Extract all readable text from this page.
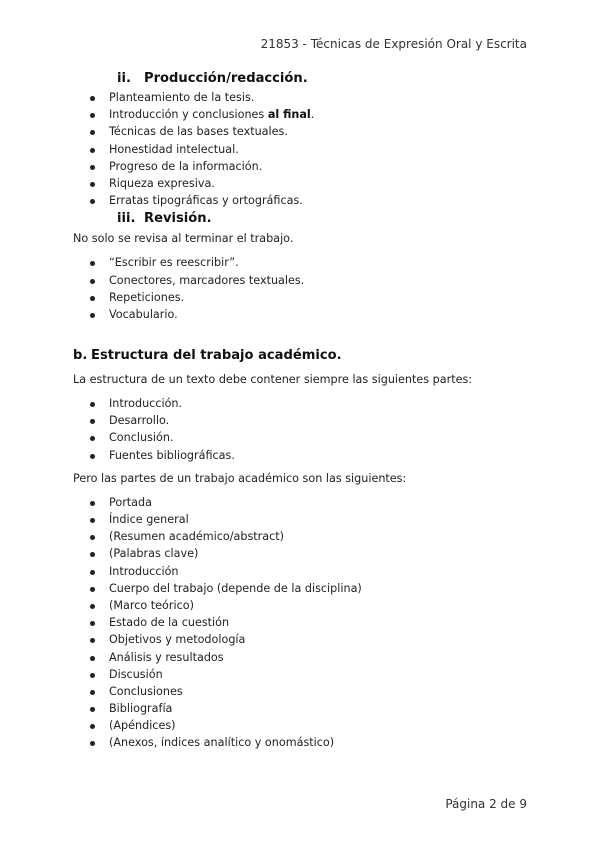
21853 - Técnicas de Expresión Oral y Escrita
ii. Producción/redacción.
Planteamiento de la tesis.
Introducción y conclusiones al final.
Técnicas de las bases textuales.
Honestidad intelectual.
Progreso de la información.
Riqueza expresiva.
Erratas tipográficas y ortográficas.
iii. Revisión.

No solo se revisa al terminar el trabajo.

“Escribir es reescribir”.
Conectores, marcadores textuales.
Repeticiones.
Vocabulario.
b. Estructura del trabajo académico.

La estructura de un texto debe contener siempre las siguientes partes:

Introducción.
Desarrollo.
Conclusión.
Fuentes bibliográficas.

Pero las partes de un trabajo académico son las siguientes:

Portada
Índice general
(Resumen académico/abstract)
(Palabras clave)
Introducción
Cuerpo del trabajo (depende de la disciplina)
(Marco teórico)
Estado de la cuestión
Objetivos y metodología
Análisis y resultados
Discusión
Conclusiones
Bibliografía
(Apéndices)
(Anexos, índices analítico y onomástico)
Página 2 de 9
